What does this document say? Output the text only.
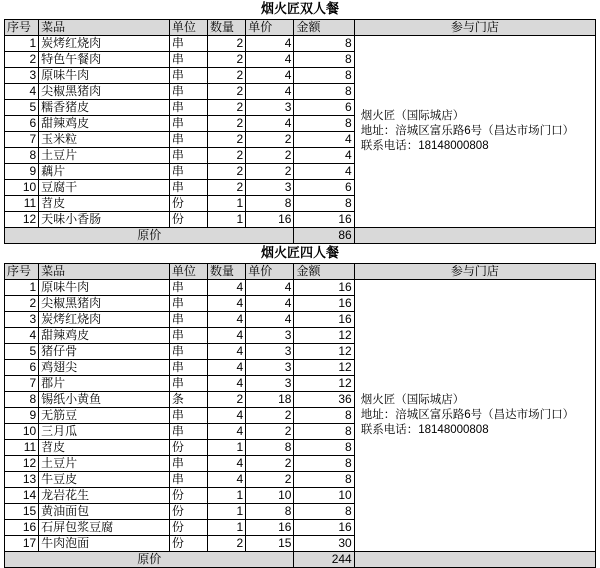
烟火匠双人餐
序号	菜品	单位	数量	单价	金额	参与门店
1	炭烤红烧肉	串	2	4	8	烟火匠（国际城店）
地址：涪城区富乐路6号（昌达市场门口）
联系电话：18148000808

2	特色午餐肉	串	2	4	8	
3	原味牛肉	串	2	4	8	
4	尖椒黑猪肉	串	2	4	8	
5	糯香猪皮	串	2	3	6	
6	甜辣鸡皮	串	2	4	8	
7	玉米粒	串	2	2	4	
8	土豆片	串	2	2	4	
9	藕片	串	2	2	4	
10	豆腐干	串	2	3	6	
11	苕皮	份	1	8	8	
12	天味小香肠	份	1	16	16	
原价					86	
烟火匠四人餐
序号	菜品	单位	数量	单价	金额	参与门店
1	原味牛肉	串	4	4	16	烟火匠（国际城店）
地址：涪城区富乐路6号（昌达市场门口）
联系电话：18148000808

2	尖椒黑猪肉	串	4	4	16	
3	炭烤红烧肉	串	4	4	16	
4	甜辣鸡皮	串	4	3	12	
5	猪仔骨	串	4	3	12	
6	鸡翅尖	串	4	3	12	
7	郡片	串	4	3	12	
8	锡纸小黄鱼	条	2	18	36	
9	无筋豆	串	4	2	8	
10	三月瓜	串	4	2	8	
11	苕皮	份	1	8	8	
12	土豆片	串	4	2	8	
13	牛豆皮	串	4	2	8	
14	龙岩花生	份	1	10	10	
15	黄油面包	份	1	8	8	
16	石屏包浆豆腐	份	1	16	16	
17	牛肉泡面	份	2	15	30	
原价					244	
